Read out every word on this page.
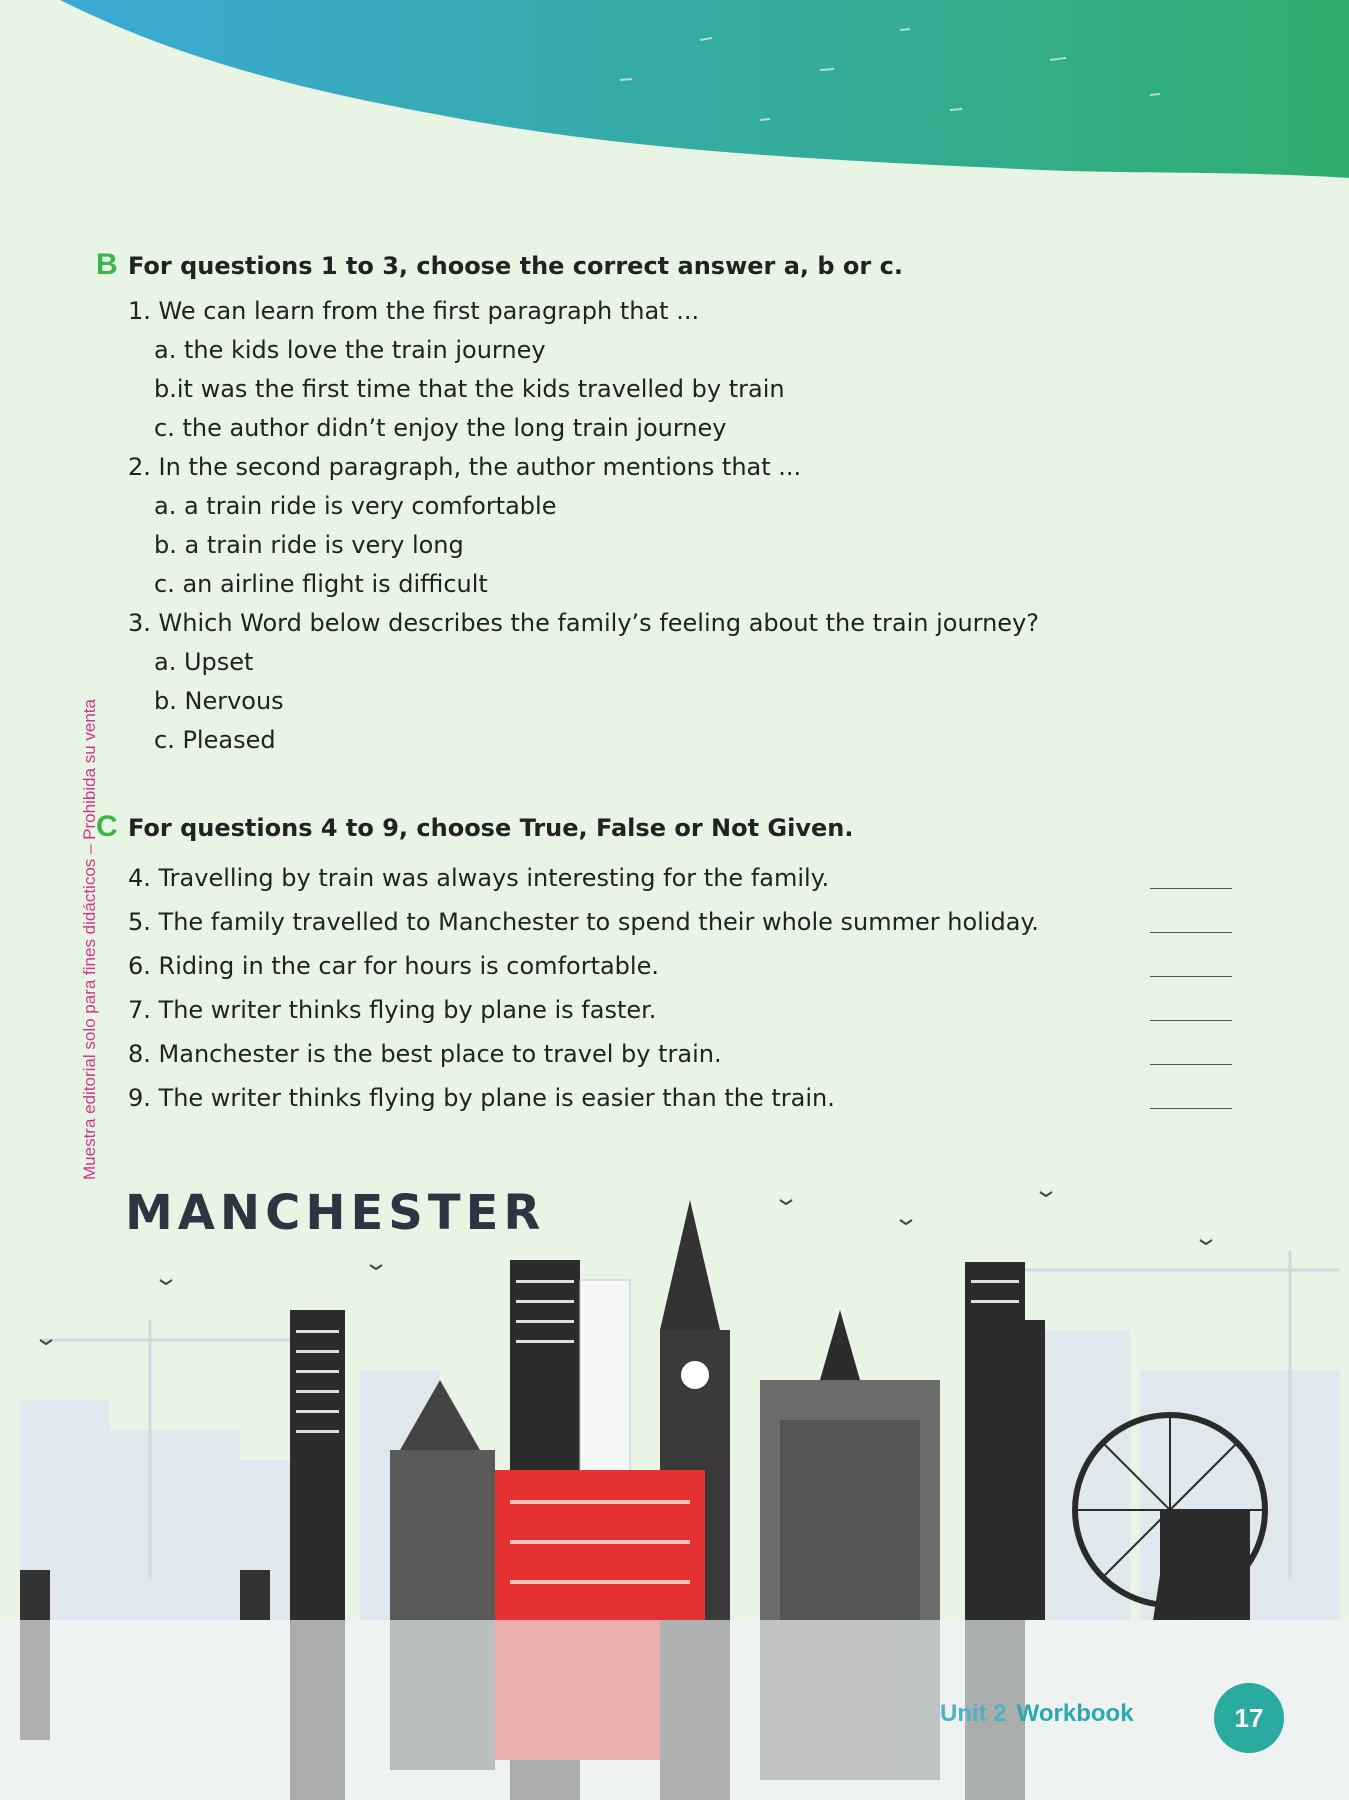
Muestra editorial solo para fines didácticos – Prohibida su venta
B For questions 1 to 3, choose the correct answer a, b or c.
1. We can learn from the first paragraph that ...
a. the kids love the train journey
b.it was the first time that the kids travelled by train
c. the author didn’t enjoy the long train journey
2. In the second paragraph, the author mentions that ...
a. a train ride is very comfortable
b. a train ride is very long
c. an airline flight is difficult
3. Which Word below describes the family’s feeling about the train journey?
a. Upset
b. Nervous
c. Pleased
C For questions 4 to 9, choose True, False or Not Given.
4. Travelling by train was always interesting for the family.
5. The family travelled to Manchester to spend their whole summer holiday.
6. Riding in the car for hours is comfortable.
7. The writer thinks flying by plane is faster.
8. Manchester is the best place to travel by train.
9. The writer thinks flying by plane is easier than the train.
MANCHESTER
Unit 2 Workbook	17
